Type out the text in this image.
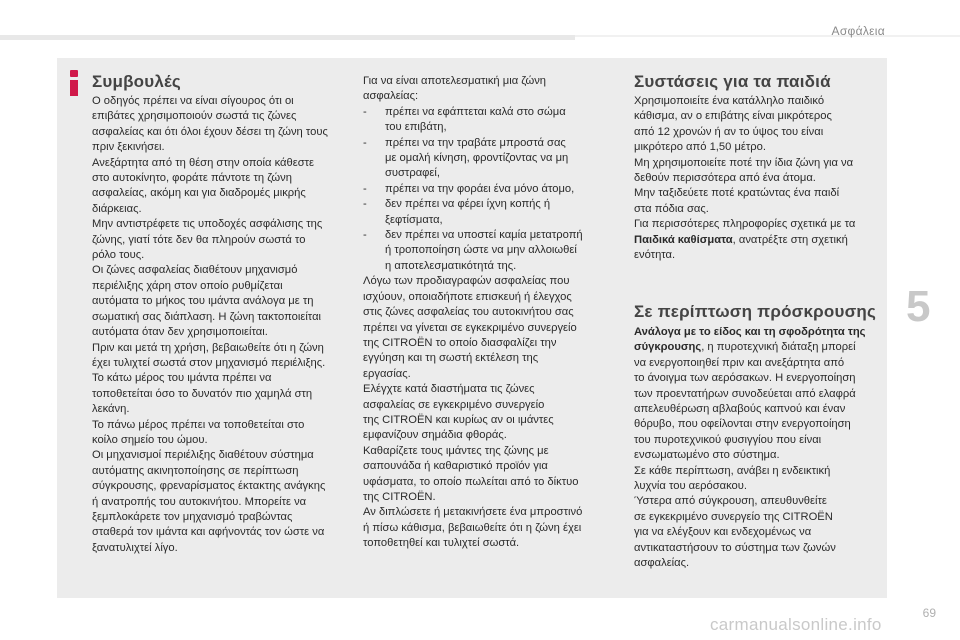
Ασφάλεια
Συμβουλές

Ο οδηγός πρέπει να είναι σίγουρος ότι οι

επιβάτες χρησιμοποιούν σωστά τις ζώνες

ασφαλείας και ότι όλοι έχουν δέσει τη ζώνη τους

πριν ξεκινήσει.

Ανεξάρτητα από τη θέση στην οποία κάθεστε

στο αυτοκίνητο, φοράτε πάντοτε τη ζώνη

ασφαλείας, ακόμη και για διαδρομές μικρής

διάρκειας.

Μην αντιστρέφετε τις υποδοχές ασφάλισης της

ζώνης, γιατί τότε δεν θα πληρούν σωστά το

ρόλο τους.

Οι ζώνες ασφαλείας διαθέτουν μηχανισμό

περιέλιξης χάρη στον οποίο ρυθμίζεται

αυτόματα το μήκος του ιμάντα ανάλογα με τη

σωματική σας διάπλαση. Η ζώνη τακτοποιείται

αυτόματα όταν δεν χρησιμοποιείται.

Πριν και μετά τη χρήση, βεβαιωθείτε ότι η ζώνη

έχει τυλιχτεί σωστά στον μηχανισμό περιέλιξης.

Το κάτω μέρος του ιμάντα πρέπει να

τοποθετείται όσο το δυνατόν πιο χαμηλά στη

λεκάνη.

Το πάνω μέρος πρέπει να τοποθετείται στο

κοίλο σημείο του ώμου.

Οι μηχανισμοί περιέλιξης διαθέτουν σύστημα

αυτόματης ακινητοποίησης σε περίπτωση

σύγκρουσης, φρεναρίσματος έκτακτης ανάγκης

ή ανατροπής του αυτοκινήτου. Μπορείτε να

ξεμπλοκάρετε τον μηχανισμό τραβώντας

σταθερά τον ιμάντα και αφήνοντάς τον ώστε να

ξανατυλιχτεί λίγο.

Για να είναι αποτελεσματική μια ζώνη

ασφαλείας:

-	πρέπει να εφάπτεται καλά στο σώμα
του επιβάτη,
-	πρέπει να την τραβάτε μπροστά σας
με ομαλή κίνηση, φροντίζοντας να μη
συστραφεί,
-	πρέπει να την φοράει ένα μόνο άτομο,
-	δεν πρέπει να φέρει ίχνη κοπής ή
ξεφτίσματα,
-	δεν πρέπει να υποστεί καμία μετατροπή
ή τροποποίηση ώστε να μην αλλοιωθεί
η αποτελεσματικότητά της.

Λόγω των προδιαγραφών ασφαλείας που

ισχύουν, οποιαδήποτε επισκευή ή έλεγχος

στις ζώνες ασφαλείας του αυτοκινήτου σας

πρέπει να γίνεται σε εγκεκριμένο συνεργείο

της CITROËN το οποίο διασφαλίζει την

εγγύηση και τη σωστή εκτέλεση της

εργασίας.

Ελέγχτε κατά διαστήματα τις ζώνες

ασφαλείας σε εγκεκριμένο συνεργείο

της CITROËN και κυρίως αν οι ιμάντες

εμφανίζουν σημάδια φθοράς.

Καθαρίζετε τους ιμάντες της ζώνης με

σαπουνάδα ή καθαριστικό προϊόν για

υφάσματα, το οποίο πωλείται από το δίκτυο

της CITROËN.

Αν διπλώσετε ή μετακινήσετε ένα μπροστινό

ή πίσω κάθισμα, βεβαιωθείτε ότι η ζώνη έχει

τοποθετηθεί και τυλιχτεί σωστά.

Συστάσεις για τα παιδιά

Χρησιμοποιείτε ένα κατάλληλο παιδικό

κάθισμα, αν ο επιβάτης είναι μικρότερος

από 12 χρονών ή αν το ύψος του είναι

μικρότερο από 1,50 μέτρο.

Μη χρησιμοποιείτε ποτέ την ίδια ζώνη για να

δεθούν περισσότερα από ένα άτομα.

Μην ταξιδεύετε ποτέ κρατώντας ένα παιδί

στα πόδια σας.

Για περισσότερες πληροφορίες σχετικά με τα

Παιδικά καθίσματα, ανατρέξτε στη σχετική

ενότητα.

Σε περίπτωση πρόσκρουσης

Ανάλογα με το είδος και τη σφοδρότητα της

σύγκρουσης, η πυροτεχνική διάταξη μπορεί

να ενεργοποιηθεί πριν και ανεξάρτητα από

το άνοιγμα των αερόσακων. Η ενεργοποίηση

των προεντατήρων συνοδεύεται από ελαφρά

απελευθέρωση αβλαβούς καπνού και έναν

θόρυβο, που οφείλονται στην ενεργοποίηση

του πυροτεχνικού φυσιγγίου που είναι

ενσωματωμένο στο σύστημα.

Σε κάθε περίπτωση, ανάβει η ενδεικτική

λυχνία του αερόσακου.

Ύστερα από σύγκρουση, απευθυνθείτε

σε εγκεκριμένο συνεργείο της CITROËN

για να ελέγξουν και ενδεχομένως να

αντικαταστήσουν το σύστημα των ζωνών

ασφαλείας.

5
69
carmanualsonline.info
